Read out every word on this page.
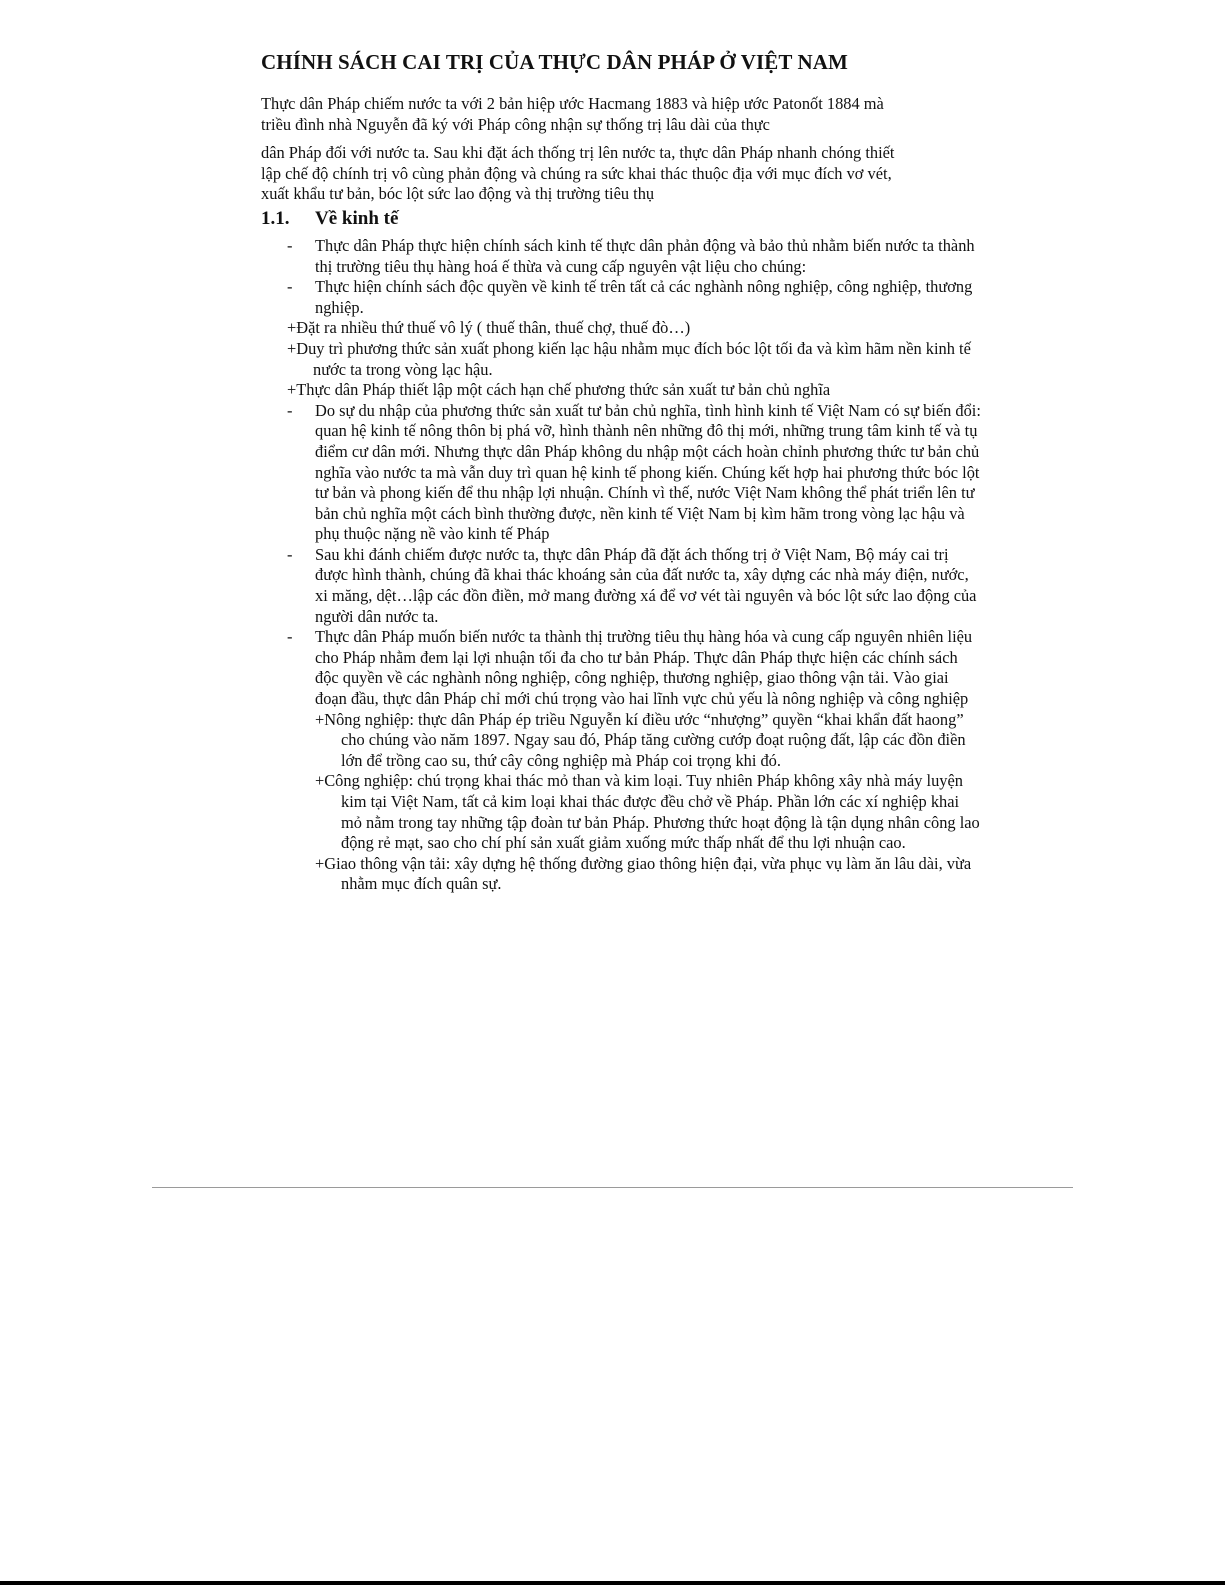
CHÍNH SÁCH CAI TRỊ CỦA THỰC DÂN PHÁP Ở VIỆT NAM

Thực dân Pháp chiếm nước ta với 2 bản hiệp ước Hacmang 1883 và hiệp ước Patonốt 1884 mà triều đình nhà Nguyễn đã ký với Pháp công nhận sự thống trị lâu dài của thực

dân Pháp đối với nước ta. Sau khi đặt ách thống trị lên nước ta, thực dân Pháp nhanh chóng thiết lập chế độ chính trị vô cùng phản động và chúng ra sức khai thác thuộc địa với mục đích vơ vét, xuất khẩu tư bản, bóc lột sức lao động và thị trường tiêu thụ

1.1.	Về kinh tế
- Thực dân Pháp thực hiện chính sách kinh tế thực dân phản động và bảo thủ nhằm biến nước ta thành thị trường tiêu thụ hàng hoá ế thừa và cung cấp nguyên vật liệu cho chúng:
- Thực hiện chính sách độc quyền về kinh tế trên tất cả các nghành nông nghiệp, công nghiệp, thương nghiệp.
+Đặt ra nhiều thứ thuế vô lý ( thuế thân, thuế chợ, thuế đò…)
+Duy trì phương thức sản xuất phong kiến lạc hậu nhằm mục đích bóc lột tối đa và kìm hãm nền kinh tế nước ta trong vòng lạc hậu.
+Thực dân Pháp thiết lập một cách hạn chế phương thức sản xuất tư bản chủ nghĩa
- Do sự du nhập của phương thức sản xuất tư bản chủ nghĩa, tình hình kinh tế Việt Nam có sự biến đổi: quan hệ kinh tế nông thôn bị phá vỡ, hình thành nên những đô thị mới, những trung tâm kinh tế và tụ điểm cư dân mới. Nhưng thực dân Pháp không du nhập một cách hoàn chỉnh phương thức tư bản chủ nghĩa vào nước ta mà vẫn duy trì quan hệ kinh tế phong kiến. Chúng kết hợp hai phương thức bóc lột tư bản và phong kiến để thu nhập lợi nhuận. Chính vì thế, nước Việt Nam không thể phát triển lên tư bản chủ nghĩa một cách bình thường được, nền kinh tế Việt Nam bị kìm hãm trong vòng lạc hậu và phụ thuộc nặng nề vào kinh tế Pháp
- Sau khi đánh chiếm được nước ta, thực dân Pháp đã đặt ách thống trị ở Việt Nam, Bộ máy cai trị được hình thành, chúng đã khai thác khoáng sản của đất nước ta, xây dựng các nhà máy điện, nước, xi măng, dệt…lập các đồn điền, mở mang đường xá để vơ vét tài nguyên và bóc lột sức lao động của người dân nước ta.
- Thực dân Pháp muốn biến nước ta thành thị trường tiêu thụ hàng hóa và cung cấp nguyên nhiên liệu cho Pháp nhằm đem lại lợi nhuận tối đa cho tư bản Pháp. Thực dân Pháp thực hiện các chính sách độc quyền về các nghành nông nghiệp, công nghiệp, thương nghiệp, giao thông vận tải. Vào giai đoạn đầu, thực dân Pháp chỉ mới chú trọng vào hai lĩnh vực chủ yếu là nông nghiệp và công nghiệp
+Nông nghiệp: thực dân Pháp ép triều Nguyễn kí điều ước “nhượng” quyền “khai khẩn đất haong” cho chúng vào năm 1897. Ngay sau đó, Pháp tăng cường cướp đoạt ruộng đất, lập các đồn điền lớn để trồng cao su, thứ cây công nghiệp mà Pháp coi trọng khi đó.
+Công nghiệp: chú trọng khai thác mỏ than và kim loại. Tuy nhiên Pháp không xây nhà máy luyện kim tại Việt Nam, tất cả kim loại khai thác được đều chở về Pháp. Phần lớn các xí nghiệp khai mỏ nằm trong tay những tập đoàn tư bản Pháp. Phương thức hoạt động là tận dụng nhân công lao động rẻ mạt, sao cho chí phí sản xuất giảm xuống mức thấp nhất để thu lợi nhuận cao.
+Giao thông vận tải: xây dựng hệ thống đường giao thông hiện đại, vừa phục vụ làm ăn lâu dài, vừa nhằm mục đích quân sự.
